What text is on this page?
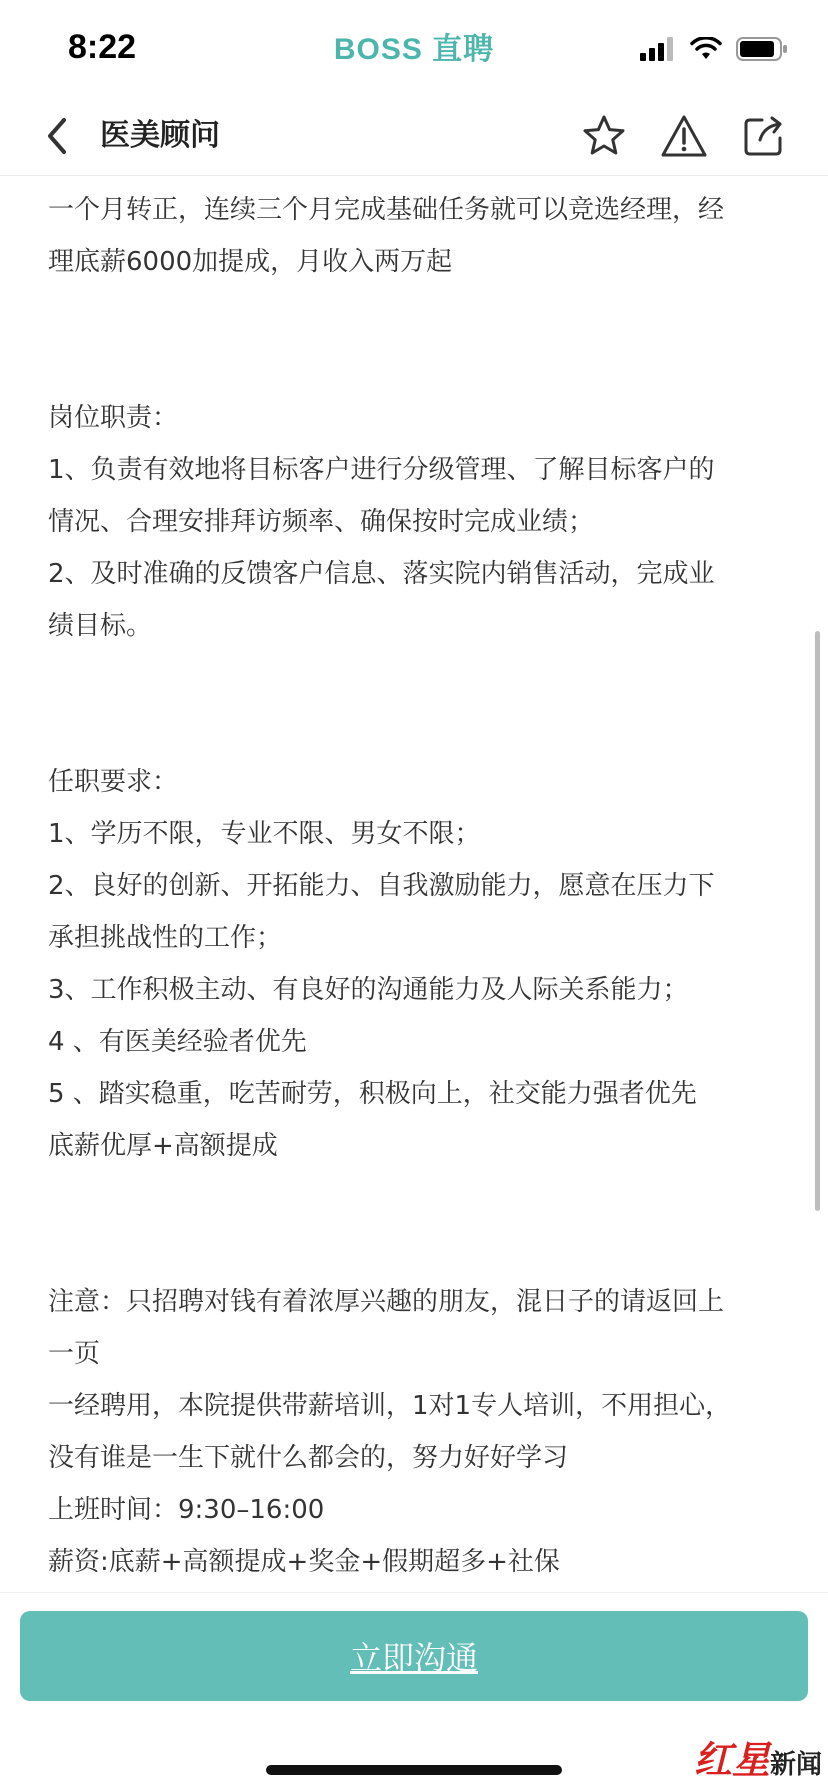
8:22	BOSS 直聘
医美顾问
一个月转正，连续三个月完成基础任务就可以竞选经理，经
理底薪6000加提成，月收入两万起
岗位职责：
1、负责有效地将目标客户进行分级管理、了解目标客户的
情况、合理安排拜访频率、确保按时完成业绩；
2、及时准确的反馈客户信息、落实院内销售活动，完成业
绩目标。
任职要求：
1、学历不限，专业不限、男女不限；
2、良好的创新、开拓能力、自我激励能力，愿意在压力下
承担挑战性的工作；
3、工作积极主动、有良好的沟通能力及人际关系能力；
4 、有医美经验者优先
5 、踏实稳重，吃苦耐劳，积极向上，社交能力强者优先
底薪优厚+高额提成
注意：只招聘对钱有着浓厚兴趣的朋友，混日子的请返回上
一页
一经聘用，本院提供带薪培训，1对1专人培训，不用担心，
没有谁是一生下就什么都会的，努力好好学习
上班时间：9:30–16:00
薪资:底薪+高额提成+奖金+假期超多+社保
立即沟通
红星 新闻
